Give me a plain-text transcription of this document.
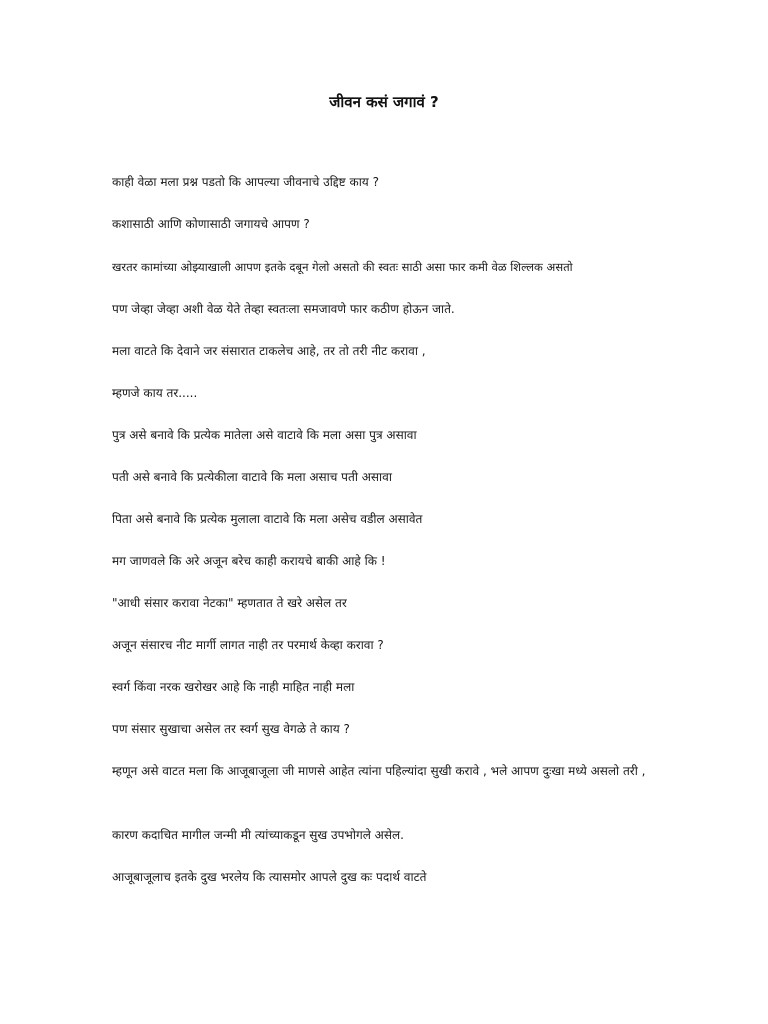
जीवन कसं जगावं ?

काही वेळा मला प्रश्न पडतो कि आपल्या जीवनाचे उद्दिष्ट काय ?

कशासाठी आणि कोणासाठी जगायचे आपण ?

खरतर कामांच्या ओझ्याखाली आपण इतके दबून गेलो असतो की स्वतः साठी असा फार कमी वेळ शिल्लक असतो

पण जेव्हा जेव्हा अशी वेळ येते तेव्हा स्वतःला समजावणे फार कठीण होऊन जाते.

मला वाटते कि देवाने जर संसारात टाकलेच आहे, तर तो तरी नीट करावा ,

म्हणजे काय तर.....

पुत्र असे बनावे कि प्रत्येक मातेला असे वाटावे कि मला असा पुत्र असावा

पती असे बनावे कि प्रत्येकीला वाटावे कि मला असाच पती असावा

पिता असे बनावे कि प्रत्येक मुलाला वाटावे कि मला असेच वडील असावेत

मग जाणवले कि अरे अजून बरेच काही करायचे बाकी आहे कि !

"आधी संसार करावा नेटका" म्हणतात ते खरे असेल तर

अजून संसारच नीट मार्गी लागत नाही तर परमार्थ केव्हा करावा ?

स्वर्ग किंवा नरक खरोखर आहे कि नाही माहित नाही मला

पण संसार सुखाचा असेल तर स्वर्ग सुख वेगळे ते काय ?

म्हणून असे वाटत मला कि आजूबाजूला जी माणसे आहेत त्यांना पहिल्यांदा सुखी करावे , भले आपण दुःखा मध्ये असलो तरी ,

कारण कदाचित मागील जन्मी मी त्यांच्याकडून सुख उपभोगले असेल.

आजूबाजूलाच इतके दुख भरलेय कि त्यासमोर आपले दुख कः पदार्थ वाटते
